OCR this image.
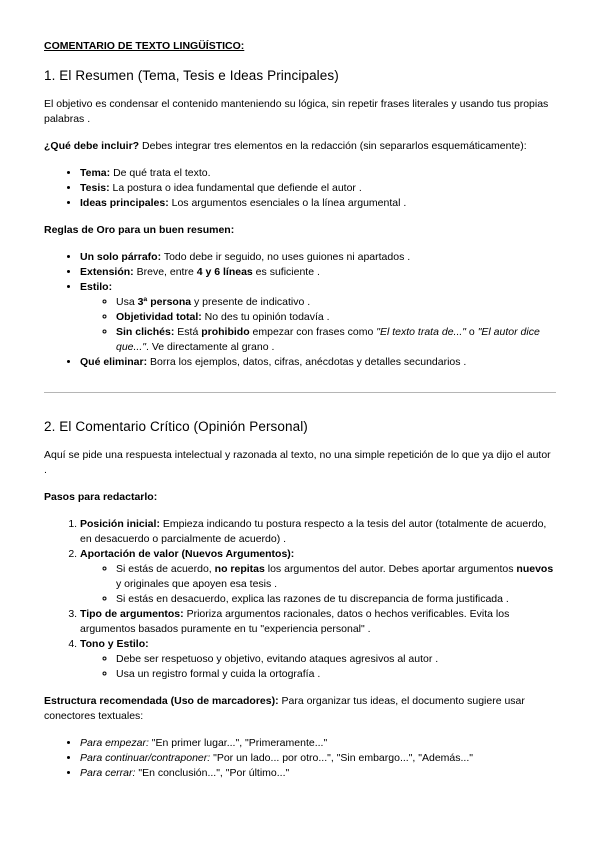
COMENTARIO DE TEXTO LINGÜÍSTICO:
1. El Resumen (Tema, Tesis e Ideas Principales)

El objetivo es condensar el contenido manteniendo su lógica, sin repetir frases literales y usando tus propias palabras .

¿Qué debe incluir? Debes integrar tres elementos en la redacción (sin separarlos esquemáticamente):

• Tema: De qué trata el texto.
• Tesis: La postura o idea fundamental que defiende el autor .
• Ideas principales: Los argumentos esenciales o la línea argumental .

Reglas de Oro para un buen resumen:

• Un solo párrafo: Todo debe ir seguido, no uses guiones ni apartados .
• Extensión: Breve, entre 4 y 6 líneas es suficiente .
• Estilo:
◦ Usa 3ª persona y presente de indicativo .
◦ Objetividad total: No des tu opinión todavía .
◦ Sin clichés: Está prohibido empezar con frases como "El texto trata de..." o "El autor dice que...". Ve directamente al grano .
• Qué eliminar: Borra los ejemplos, datos, cifras, anécdotas y detalles secundarios .
2. El Comentario Crítico (Opinión Personal)

Aquí se pide una respuesta intelectual y razonada al texto, no una simple repetición de lo que ya dijo el autor .

Pasos para redactarlo:

1. Posición inicial: Empieza indicando tu postura respecto a la tesis del autor (totalmente de acuerdo, en desacuerdo o parcialmente de acuerdo) .
2. Aportación de valor (Nuevos Argumentos):
◦ Si estás de acuerdo, no repitas los argumentos del autor. Debes aportar argumentos nuevos y originales que apoyen esa tesis .
◦ Si estás en desacuerdo, explica las razones de tu discrepancia de forma justificada .
3. Tipo de argumentos: Prioriza argumentos racionales, datos o hechos verificables. Evita los argumentos basados puramente en tu "experiencia personal" .
4. Tono y Estilo:
◦ Debe ser respetuoso y objetivo, evitando ataques agresivos al autor .
◦ Usa un registro formal y cuida la ortografía .

Estructura recomendada (Uso de marcadores): Para organizar tus ideas, el documento sugiere usar conectores textuales:

• Para empezar: "En primer lugar...", "Primeramente..."
• Para continuar/contraponer: "Por un lado... por otro...", "Sin embargo...", "Además..."
• Para cerrar: "En conclusión...", "Por último..."
